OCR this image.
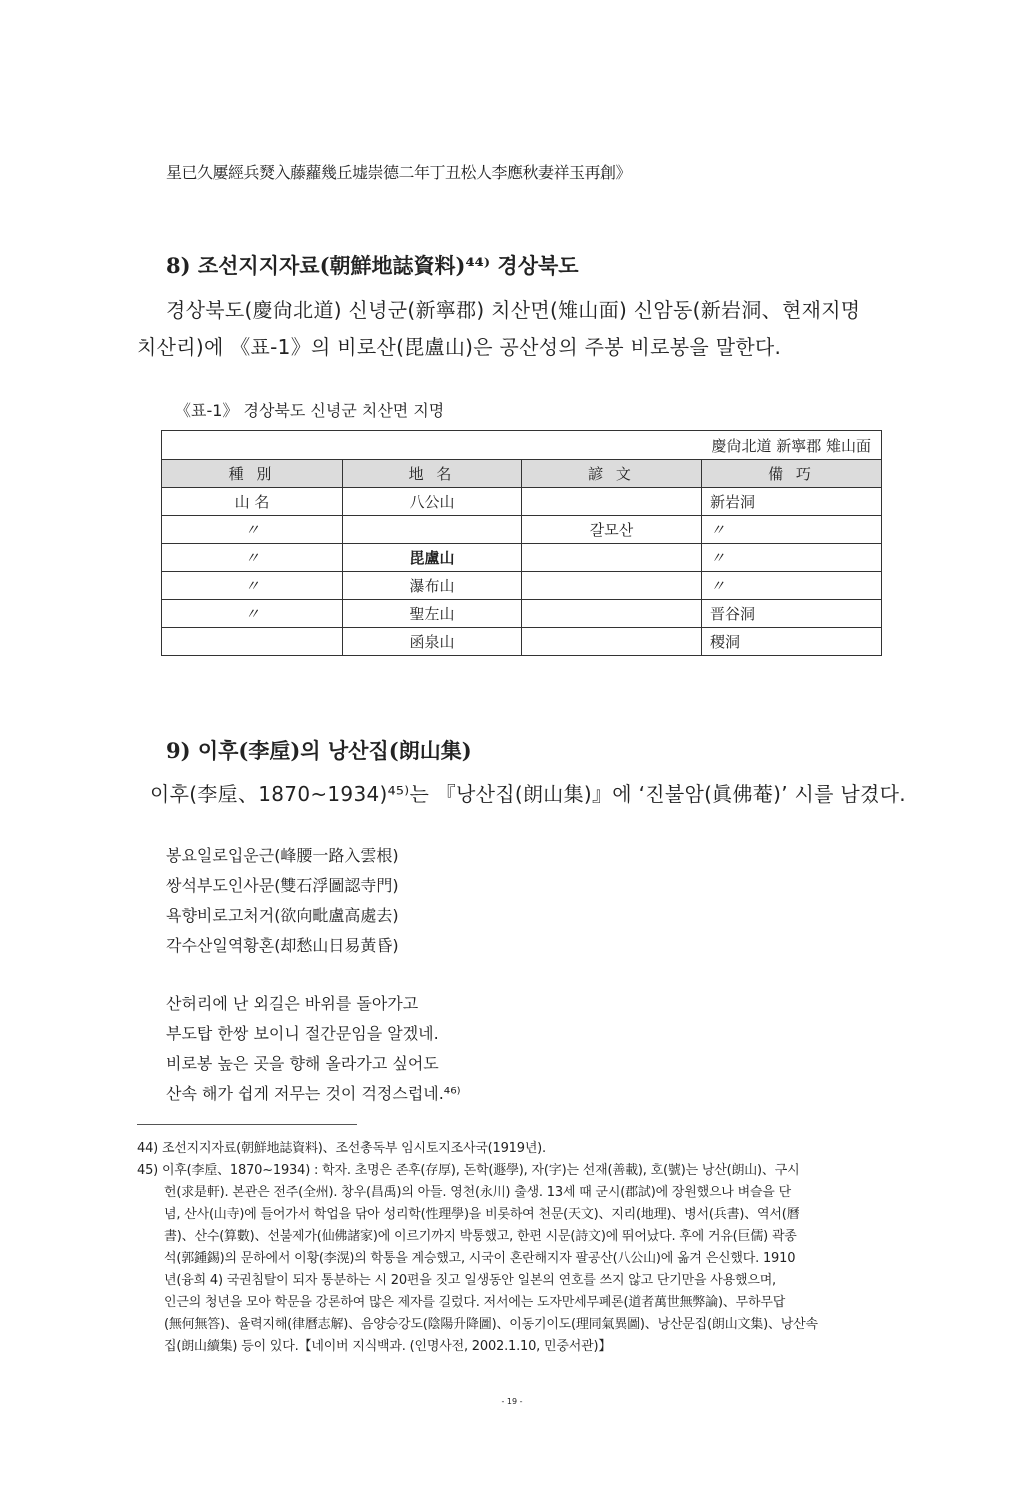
星已久屢經兵燹入藤蘿幾丘墟崇德二年丁丑松人李應秋妻祥玉再創》
8) 조선지지자료(朝鮮地誌資料)⁴⁴⁾ 경상북도
경상북도(慶尙北道) 신녕군(新寧郡) 치산면(雉山面) 신암동(新岩洞、현재지명
치산리)에 《표-1》의 비로산(毘盧山)은 공산성의 주봉 비로봉을 말한다.
《표-1》 경상북도 신녕군 치산면 지명
慶尙北道 新寧郡 雉山面			
種 別	地 名	諺 文	備 巧
山 名	八公山		新岩洞
〃		갈모산	〃
〃	毘盧山		〃
〃	瀑布山		〃
〃	聖左山		晋谷洞
	函泉山		稷洞
9) 이후(李垕)의 낭산집(朗山集)
이후(李垕、1870~1934)⁴⁵⁾는 『낭산집(朗山集)』에 ‘진불암(眞佛菴)’ 시를 남겼다.
봉요일로입운근(峰腰一路入雲根)
쌍석부도인사문(雙石浮圖認寺門)
욕향비로고처거(欲向毗盧高處去)
각수산일역황혼(却愁山日易黃昏)
산허리에 난 외길은 바위를 돌아가고
부도탑 한쌍 보이니 절간문임을 알겠네.
비로봉 높은 곳을 향해 올라가고 싶어도
산속 해가 쉽게 저무는 것이 걱정스럽네.⁴⁶⁾
44) 조선지지자료(朝鮮地誌資料)、조선총독부 임시토지조사국(1919년).
45) 이후(李垕、1870~1934) : 학자. 초명은 존후(存厚), 돈학(遯學), 자(字)는 선재(善載), 호(號)는 낭산(朗山)、구시
헌(求是軒). 본관은 전주(全州). 창우(昌禹)의 아들. 영천(永川) 출생. 13세 때 군시(郡試)에 장원했으나 벼슬을 단
념, 산사(山寺)에 들어가서 학업을 닦아 성리학(性理學)을 비롯하여 천문(天文)、지리(地理)、병서(兵書)、역서(曆
書)、산수(算數)、선불제가(仙佛諸家)에 이르기까지 박통했고, 한편 시문(詩文)에 뛰어났다. 후에 거유(巨儒) 곽종
석(郭鍾錫)의 문하에서 이황(李滉)의 학통을 계승했고, 시국이 혼란해지자 팔공산(八公山)에 옮겨 은신했다. 1910
년(융희 4) 국권침탈이 되자 통분하는 시 20편을 짓고 일생동안 일본의 연호를 쓰지 않고 단기만을 사용했으며,
인근의 청년을 모아 학문을 강론하여 많은 제자를 길렀다. 저서에는 도자만세무폐론(道者萬世無弊論)、무하무답
(無何無答)、율력지해(律曆志解)、음양승강도(陰陽升降圖)、이동기이도(理同氣異圖)、낭산문집(朗山文集)、낭산속
집(朗山續集) 등이 있다.【네이버 지식백과. (인명사전, 2002.1.10, 민중서관)】
- 19 -
